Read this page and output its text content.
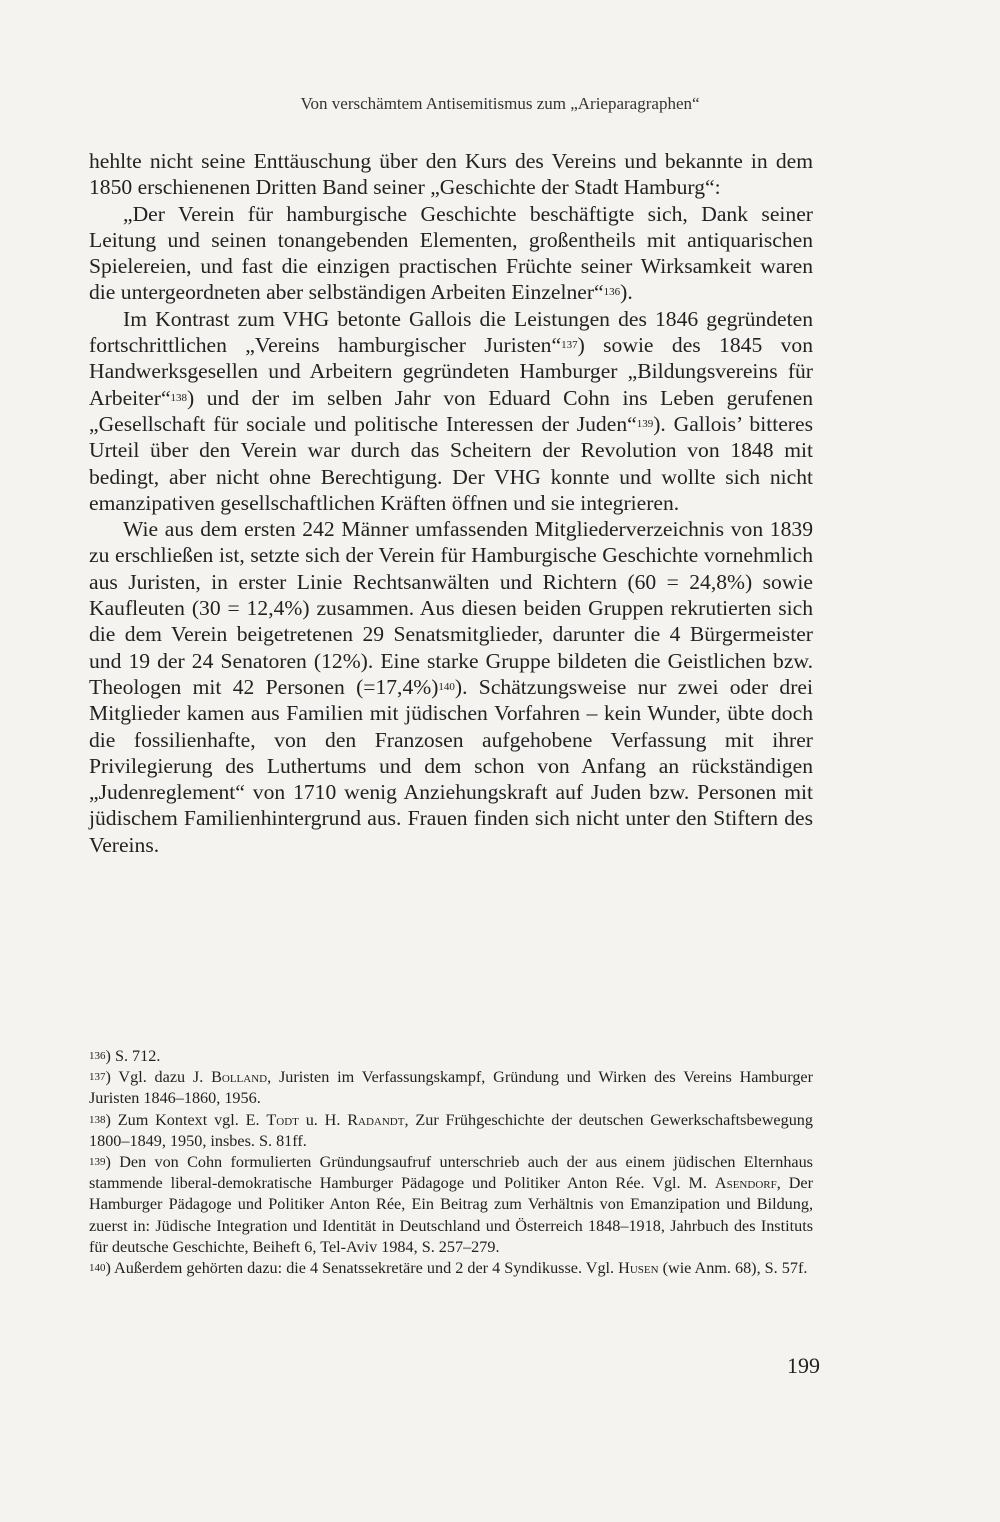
Von verschämtem Antisemitismus zum „Arieparagraphen“

hehlte nicht seine Enttäuschung über den Kurs des Vereins und bekannte in dem 1850 erschienenen Dritten Band seiner „Geschichte der Stadt Hamburg“:

„Der Verein für hamburgische Geschichte beschäftigte sich, Dank seiner Leitung und seinen tonangebenden Elementen, großentheils mit antiquarischen Spielereien, und fast die einzigen practischen Früchte seiner Wirksamkeit waren die untergeordneten aber selbständigen Arbeiten Einzelner“$^{136}$).

Im Kontrast zum VHG betonte Gallois die Leistungen des 1846 gegründeten fortschrittlichen „Vereins hamburgischer Juristen“$^{137}$) sowie des 1845 von Handwerksgesellen und Arbeitern gegründeten Hamburger „Bildungsvereins für Arbeiter“$^{138}$) und der im selben Jahr von Eduard Cohn ins Leben gerufenen „Gesellschaft für sociale und politische Interessen der Juden“$^{139}$). Gallois’ bitteres Urteil über den Verein war durch das Scheitern der Revolution von 1848 mit bedingt, aber nicht ohne Berechtigung. Der VHG konnte und wollte sich nicht emanzipativen gesellschaftlichen Kräften öffnen und sie integrieren.

Wie aus dem ersten 242 Männer umfassenden Mitgliederverzeichnis von 1839 zu erschließen ist, setzte sich der Verein für Hamburgische Geschichte vornehmlich aus Juristen, in erster Linie Rechtsanwälten und Richtern (60 = 24,8%) sowie Kaufleuten (30 = 12,4%) zusammen. Aus diesen beiden Gruppen rekrutierten sich die dem Verein beigetretenen 29 Senatsmitglieder, darunter die 4 Bürgermeister und 19 der 24 Senatoren (12%). Eine starke Gruppe bildeten die Geistlichen bzw. Theologen mit 42 Personen (=17,4%)$^{140}$). Schätzungsweise nur zwei oder drei Mitglieder kamen aus Familien mit jüdischen Vorfahren – kein Wunder, übte doch die fossilienhafte, von den Franzosen aufgehobene Verfassung mit ihrer Privilegierung des Luthertums und dem schon von Anfang an rückständigen „Judenreglement“ von 1710 wenig Anziehungskraft auf Juden bzw. Personen mit jüdischem Familienhintergrund aus. Frauen finden sich nicht unter den Stiftern des Vereins.

136) S. 712.

137) Vgl. dazu J. Bolland, Juristen im Verfassungskampf, Gründung und Wirken des Vereins Hamburger Juristen 1846–1860, 1956.

138) Zum Kontext vgl. E. Todt u. H. Radandt, Zur Frühgeschichte der deutschen Gewerkschaftsbewegung 1800–1849, 1950, insbes. S. 81ff.

139) Den von Cohn formulierten Gründungsaufruf unterschrieb auch der aus einem jüdischen Elternhaus stammende liberal-demokratische Hamburger Pädagoge und Politiker Anton Rée. Vgl. M. Asendorf, Der Hamburger Pädagoge und Politiker Anton Rée, Ein Beitrag zum Verhältnis von Emanzipation und Bildung, zuerst in: Jüdische Integration und Identität in Deutschland und Österreich 1848–1918, Jahrbuch des Instituts für deutsche Geschichte, Beiheft 6, Tel-Aviv 1984, S. 257–279.

140) Außerdem gehörten dazu: die 4 Senatssekretäre und 2 der 4 Syndikusse. Vgl. Husen (wie Anm. 68), S. 57f.

199
